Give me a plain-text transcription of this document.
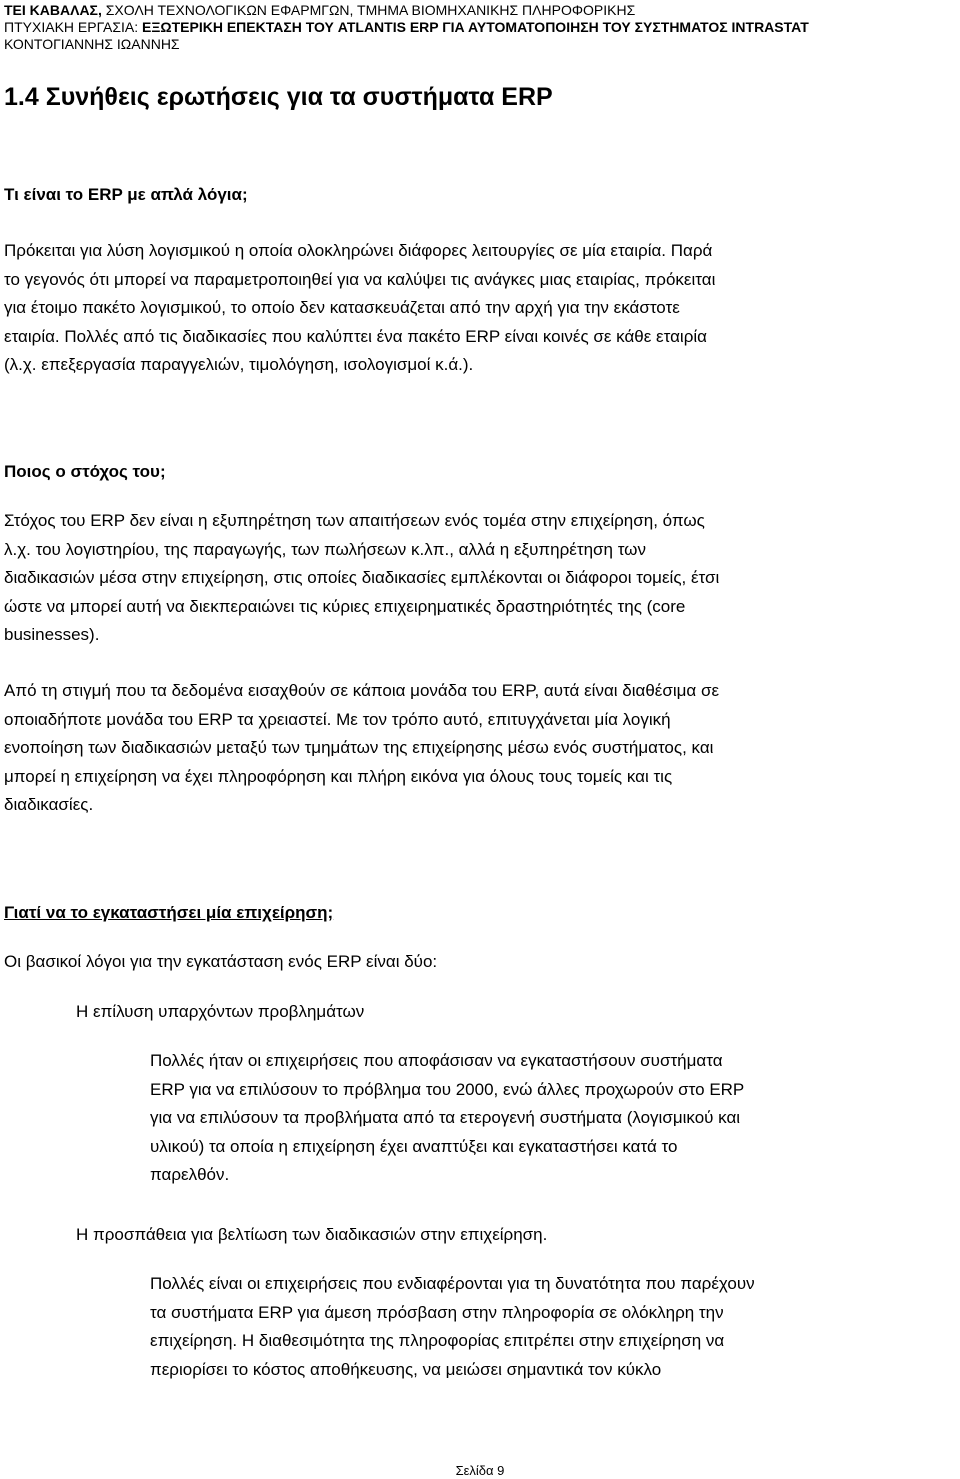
ΤΕΙ ΚΑΒΑΛΑΣ, ΣΧΟΛΗ ΤΕΧΝΟΛΟΓΙΚΩΝ ΕΦΑΡΜΓΩΝ, ΤΜΗΜΑ ΒΙΟΜΗΧΑΝΙΚΗΣ ΠΛΗΡΟΦΟΡΙΚΗΣ
ΠΤΥΧΙΑΚΗ ΕΡΓΑΣΙΑ: ΕΞΩΤΕΡΙΚΗ ΕΠΕΚΤΑΣΗ ΤΟΥ ATLANTIS ERP ΓΙΑ ΑΥΤΟΜΑΤΟΠΟΙΗΣΗ ΤΟΥ ΣΥΣΤΗΜΑΤΟΣ INTRASTAT
ΚΟΝΤΟΓΙΑΝΝΗΣ ΙΩΑΝΝΗΣ
1.4 Συνήθεις ερωτήσεις για τα συστήματα ERP
Τι είναι το ERP με απλά λόγια;
Πρόκειται για λύση λογισμικού η οποία ολοκληρώνει διάφορες λειτουργίες σε μία εταιρία. Παρά
το γεγονός ότι μπορεί να παραμετροποιηθεί για να καλύψει τις ανάγκες μιας εταιρίας, πρόκειται
για έτοιμο πακέτο λογισμικού, το οποίο δεν κατασκευάζεται από την αρχή για την εκάστοτε
εταιρία. Πολλές από τις διαδικασίες που καλύπτει ένα πακέτο ERP είναι κοινές σε κάθε εταιρία
(λ.χ. επεξεργασία παραγγελιών, τιμολόγηση, ισολογισμοί κ.ά.).
Ποιος ο στόχος του;
Στόχος του ERP δεν είναι η εξυπηρέτηση των απαιτήσεων ενός τομέα στην επιχείρηση, όπως
λ.χ. του λογιστηρίου, της παραγωγής, των πωλήσεων κ.λπ., αλλά η εξυπηρέτηση των
διαδικασιών μέσα στην επιχείρηση, στις οποίες διαδικασίες εμπλέκονται οι διάφοροι τομείς, έτσι
ώστε να μπορεί αυτή να διεκπεραιώνει τις κύριες επιχειρηματικές δραστηριότητές της (core
businesses).
Από τη στιγμή που τα δεδομένα εισαχθούν σε κάποια μονάδα του ERP, αυτά είναι διαθέσιμα σε
οποιαδήποτε μονάδα του ERP τα χρειαστεί. Με τον τρόπο αυτό, επιτυγχάνεται μία λογική
ενοποίηση των διαδικασιών μεταξύ των τμημάτων της επιχείρησης μέσω ενός συστήματος, και
μπορεί η επιχείρηση να έχει πληροφόρηση και πλήρη εικόνα για όλους τους τομείς και τις
διαδικασίες.
Γιατί να το εγκαταστήσει μία επιχείρηση;
Οι βασικοί λόγοι για την εγκατάσταση ενός ERP είναι δύο:
Η επίλυση υπαρχόντων προβλημάτων
Πολλές ήταν οι επιχειρήσεις που αποφάσισαν να εγκαταστήσουν συστήματα
ERP για να επιλύσουν το πρόβλημα του 2000, ενώ άλλες προχωρούν στο ERP
για να επιλύσουν τα προβλήματα από τα ετερογενή συστήματα (λογισμικού και
υλικού) τα οποία η επιχείρηση έχει αναπτύξει και εγκαταστήσει κατά το
παρελθόν.
Η προσπάθεια για βελτίωση των διαδικασιών στην επιχείρηση.
Πολλές είναι οι επιχειρήσεις που ενδιαφέρονται για τη δυνατότητα που παρέχουν
τα συστήματα ERP για άμεση πρόσβαση στην πληροφορία σε ολόκληρη την
επιχείρηση. Η διαθεσιμότητα της πληροφορίας επιτρέπει στην επιχείρηση να
περιορίσει το κόστος αποθήκευσης, να μειώσει σημαντικά τον κύκλο
Σελίδα 9
